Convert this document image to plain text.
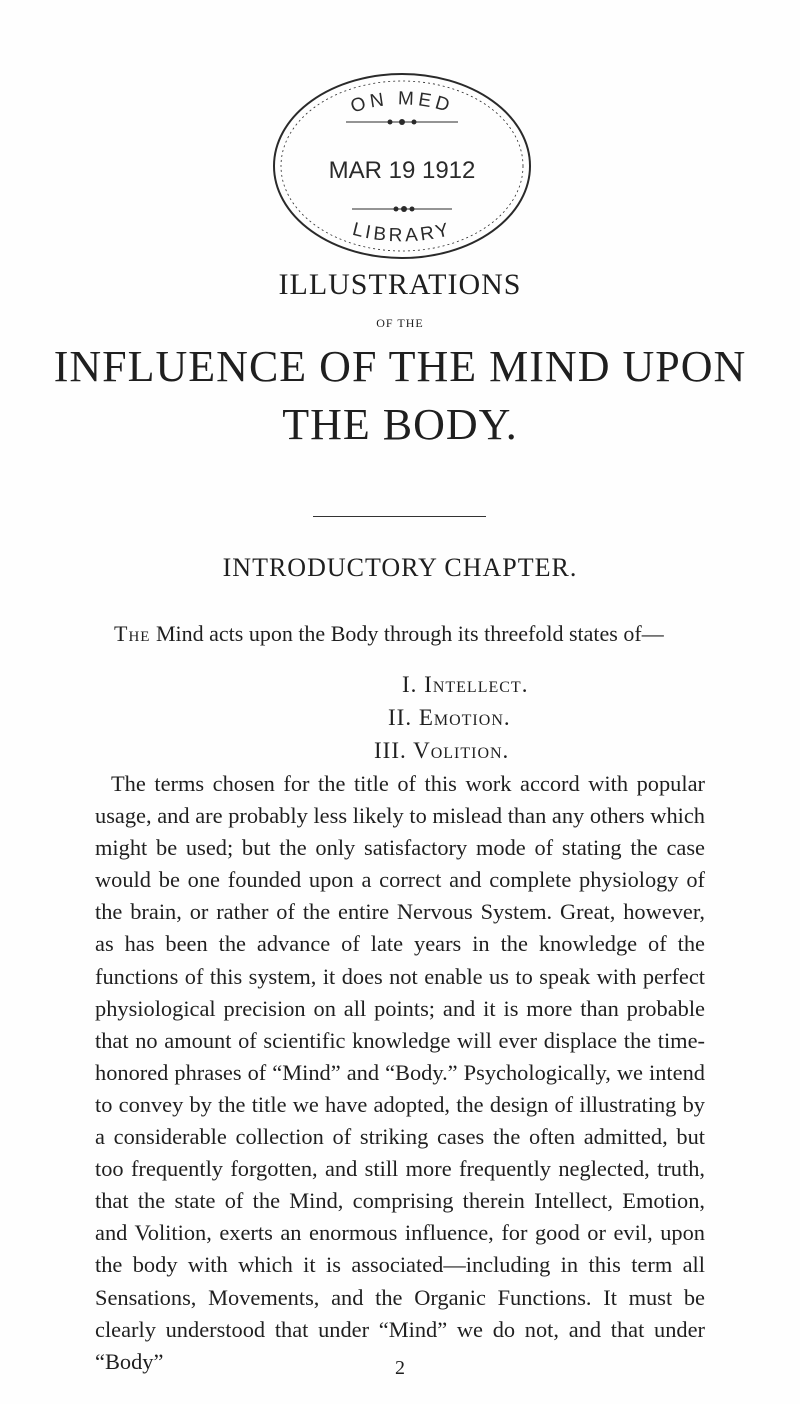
ON MED
MAR 19 1912
LIBRARY
ILLUSTRATIONS
OF THE
INFLUENCE OF THE MIND UPON
THE BODY.
INTRODUCTORY CHAPTER.
The Mind acts upon the Body through its threefold states of—
I. Intellect.
II. Emotion.
III. Volition.

The terms chosen for the title of this work accord with popular usage, and are probably less likely to mislead than any others which might be used; but the only satisfactory mode of stating the case would be one founded upon a correct and complete physiology of the brain, or rather of the entire Nervous System. Great, however, as has been the advance of late years in the knowledge of the functions of this system, it does not enable us to speak with perfect physiological precision on all points; and it is more than probable that no amount of scientific knowledge will ever displace the time-honored phrases of “Mind” and “Body.” Psychologically, we intend to convey by the title we have adopted, the design of illustrating by a considerable collection of striking cases the often admitted, but too frequently forgotten, and still more frequently neglected, truth, that the state of the Mind, comprising therein Intellect, Emotion, and Volition, exerts an enormous influence, for good or evil, upon the body with which it is associated—including in this term all Sensations, Movements, and the Organic Functions. It must be clearly understood that under “Mind” we do not, and that under “Body”	2
